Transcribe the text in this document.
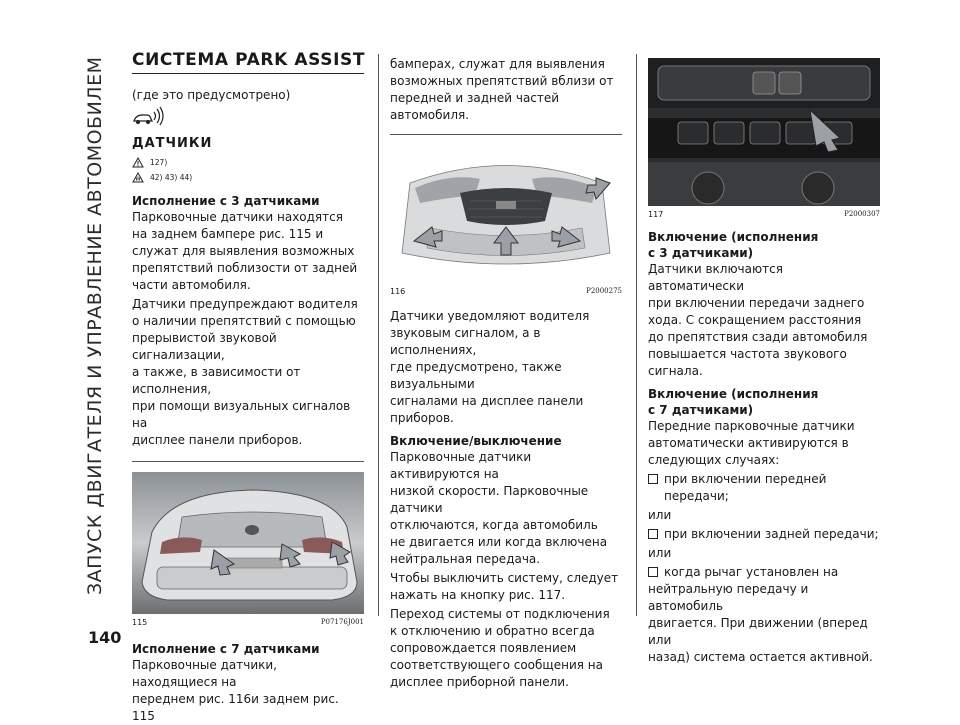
ЗАПУСК ДВИГАТЕЛЯ И УПРАВЛЕНИЕ АВТОМОБИЛЕМ
140
СИСТЕМА PARK ASSIST
(где это предусмотрено)
ДАТЧИКИ
127)
42) 43) 44)
Исполнение с 3 датчиками
Парковочные датчики находятся
на заднем бампере рис. 115 и
служат для выявления возможных
препятствий поблизости от задней
части автомобиля.
Датчики предупреждают водителя
о наличии препятствий с помощью
прерывистой звуковой сигнализации,
а также, в зависимости от исполнения,
при помощи визуальных сигналов на
дисплее панели приборов.
115	P07176J001
Исполнение с 7 датчиками
Парковочные датчики, находящиеся на
переднем рис. 116и заднем рис. 115
бамперах, служат для выявления
возможных препятствий вблизи от
передней и задней частей автомобиля.
116	P2000275
Датчики уведомляют водителя
звуковым сигналом, а в исполнениях,
где предусмотрено, также визуальными
сигналами на дисплее панели приборов.
Включение/выключение
Парковочные датчики активируются на
низкой скорости. Парковочные датчики
отключаются, когда автомобиль
не двигается или когда включена
нейтральная передача.
Чтобы выключить систему, следует
нажать на кнопку рис. 117.
Переход системы от подключения
к отключению и обратно всегда
сопровождается появлением
соответствующего сообщения на
дисплее приборной панели.
117	P2000307
Включение (исполнения
с 3 датчиками)
Датчики включаются автоматически
при включении передачи заднего
хода. С сокращением расстояния
до препятствия сзади автомобиля
повышается частота звукового сигнала.
Включение (исполнения
с 7 датчиками)
Передние парковочные датчики
автоматически активируются в
следующих случаях:
при включении передней передачи;
или
при включении задней передачи;
или
когда рычаг установлен на
нейтральную передачу и автомобиль
двигается. При движении (вперед или
назад) система остается активной.
